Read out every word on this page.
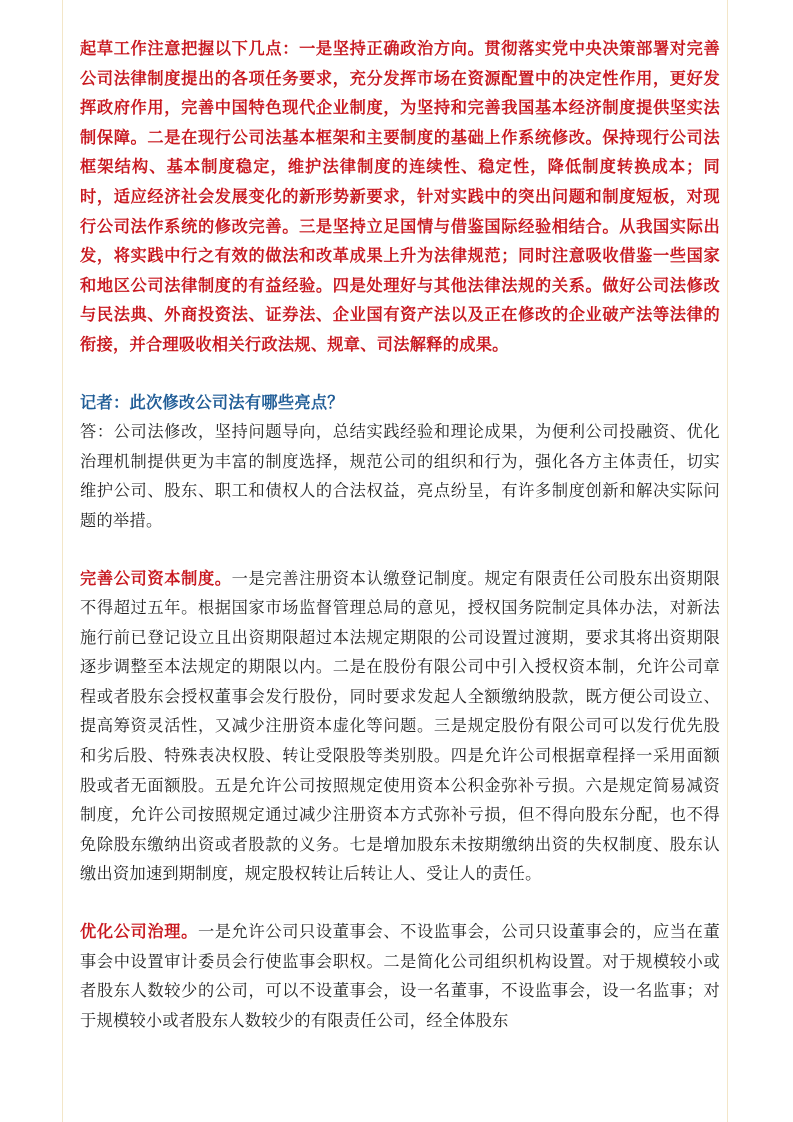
起草工作注意把握以下几点：一是坚持正确政治方向。贯彻落实党中央决策部署对完善公司法律制度提出的各项任务要求，充分发挥市场在资源配置中的决定性作用，更好发挥政府作用，完善中国特色现代企业制度，为坚持和完善我国基本经济制度提供坚实法制保障。二是在现行公司法基本框架和主要制度的基础上作系统修改。保持现行公司法框架结构、基本制度稳定，维护法律制度的连续性、稳定性，降低制度转换成本；同时，适应经济社会发展变化的新形势新要求，针对实践中的突出问题和制度短板，对现行公司法作系统的修改完善。三是坚持立足国情与借鉴国际经验相结合。从我国实际出发，将实践中行之有效的做法和改革成果上升为法律规范；同时注意吸收借鉴一些国家和地区公司法律制度的有益经验。四是处理好与其他法律法规的关系。做好公司法修改与民法典、外商投资法、证券法、企业国有资产法以及正在修改的企业破产法等法律的衔接，并合理吸收相关行政法规、规章、司法解释的成果。

记者：此次修改公司法有哪些亮点？

答：公司法修改，坚持问题导向，总结实践经验和理论成果，为便利公司投融资、优化治理机制提供更为丰富的制度选择，规范公司的组织和行为，强化各方主体责任，切实维护公司、股东、职工和债权人的合法权益，亮点纷呈，有许多制度创新和解决实际问题的举措。

完善公司资本制度。一是完善注册资本认缴登记制度。规定有限责任公司股东出资期限不得超过五年。根据国家市场监督管理总局的意见，授权国务院制定具体办法，对新法施行前已登记设立且出资期限超过本法规定期限的公司设置过渡期，要求其将出资期限逐步调整至本法规定的期限以内。二是在股份有限公司中引入授权资本制，允许公司章程或者股东会授权董事会发行股份，同时要求发起人全额缴纳股款，既方便公司设立、提高筹资灵活性，又减少注册资本虚化等问题。三是规定股份有限公司可以发行优先股和劣后股、特殊表决权股、转让受限股等类别股。四是允许公司根据章程择一采用面额股或者无面额股。五是允许公司按照规定使用资本公积金弥补亏损。六是规定简易减资制度，允许公司按照规定通过减少注册资本方式弥补亏损，但不得向股东分配，也不得免除股东缴纳出资或者股款的义务。七是增加股东未按期缴纳出资的失权制度、股东认缴出资加速到期制度，规定股权转让后转让人、受让人的责任。

优化公司治理。一是允许公司只设董事会、不设监事会，公司只设董事会的，应当在董事会中设置审计委员会行使监事会职权。二是简化公司组织机构设置。对于规模较小或者股东人数较少的公司，可以不设董事会，设一名董事，不设监事会，设一名监事；对于规模较小或者股东人数较少的有限责任公司，经全体股东
